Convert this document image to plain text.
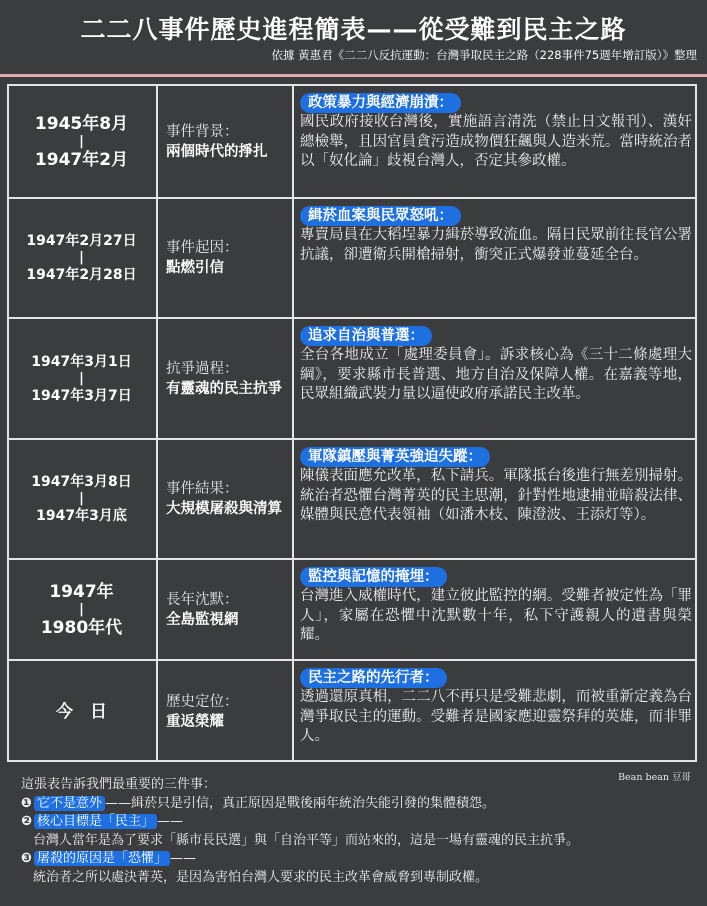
二二八事件歷史進程簡表——從受難到民主之路
依據 黃惠君《二二八反抗運動：台灣爭取民主之路（228事件75週年增訂版）》整理
1945年8月
|
1947年2月
事件背景：
兩個時代的掙扎
政策暴力與經濟崩潰：

國民政府接收台灣後，實施語言清洗（禁止日文報刊）、漢奸總檢舉，且因官員貪污造成物價狂飆與人造米荒。當時統治者以「奴化論」歧視台灣人，否定其參政權。

1947年2月27日
|
1947年2月28日
事件起因：
點燃引信
緝菸血案與民眾怒吼：

專賣局員在大稻埕暴力緝菸導致流血。隔日民眾前往長官公署抗議，卻遭衛兵開槍掃射，衝突正式爆發並蔓延全台。

1947年3月1日
|
1947年3月7日
抗爭過程：
有靈魂的民主抗爭
追求自治與普選：

全台各地成立「處理委員會」。訴求核心為《三十二條處理大綱》，要求縣市長普選、地方自治及保障人權。在嘉義等地，民眾組織武裝力量以逼使政府承諾民主改革。

1947年3月8日
|
1947年3月底
事件結果：
大規模屠殺與清算
軍隊鎮壓與菁英強迫失蹤：

陳儀表面應允改革，私下請兵。軍隊抵台後進行無差別掃射。統治者恐懼台灣菁英的民主思潮，針對性地逮捕並暗殺法律、媒體與民意代表領袖（如潘木枝、陳澄波、王添灯等）。

1947年
|
1980年代
長年沈默：
全島監視網
監控與記憶的掩埋：

台灣進入威權時代，建立彼此監控的網。受難者被定性為「罪人」，家屬在恐懼中沈默數十年，私下守護親人的遺書與榮耀。

今　日	歷史定位：
重返榮耀
民主之路的先行者：

透過還原真相，二二八不再只是受難悲劇，而被重新定義為台灣爭取民主的運動。受難者是國家應迎靈祭拜的英雄，而非罪人。

Bean bean 豆哥
這張表告訴我們最重要的三件事：
❶ 它不是意外 ——緝菸只是引信，真正原因是戰後兩年統治失能引發的集體積怨。
❷ 核心目標是「民主」 ——
台灣人當年是為了要求「縣市長民選」與「自治平等」而站來的，這是一場有靈魂的民主抗爭。
❸ 屠殺的原因是「恐懼」 ——
統治者之所以處決菁英，是因為害怕台灣人要求的民主改革會威脅到專制政權。
